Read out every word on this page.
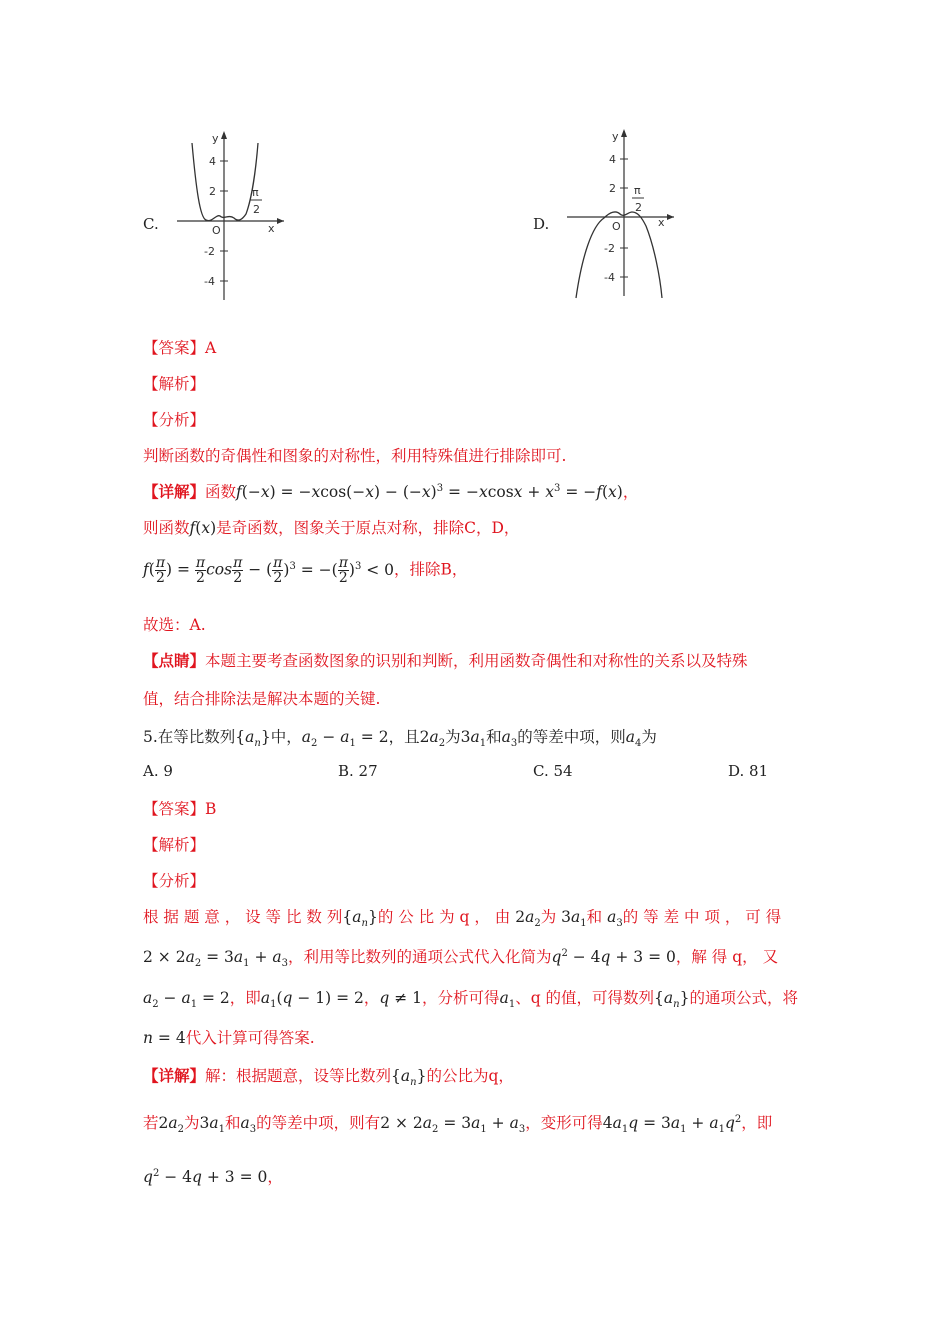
C.
y
x
O
4
2
-2
-4
π
2
D.
y
x
O
4
2
-2
-4
π
2
【答案】A
【解析】
【分析】
判断函数的奇偶性和图象的对称性，利用特殊值进行排除即可.
【详解】函数$f(-x) = -xcos(-x) - (-x)^3 = -xcosx + x^3 = -f(x)$，
则函数f(x)是奇函数，图象关于原点对称，排除C，D，
$f( \frac{\pi}{2}$ ) = $\frac{\pi}{2}$ $\cos \frac{\pi}{2}$ − ( $\frac{\pi}{2} )^3$ = −( $\frac{\pi}{2} )^3 < 0$，排除B，
故选：A.
【点睛】本题主要考查函数图象的识别和判断，利用函数奇偶性和对称性的关系以及特殊
值，结合排除法是解决本题的关键.
5.在等比数列$\{a_n\}$中，$a_2 - a_1 = 2$，且$2a_2$为$3a_1$和$a_3$的等差中项，则$a_4$为
A. 9	B. 27	C. 54	D. 81
【答案】B
【解析】
【分析】
根 据 题 意 ， 设 等 比 数 列$\{a_n\}$的 公 比 为 q ， 由 $2a_2$为 $3a_1$和 $a_3$的 等 差 中 项 ， 可 得
$2 \times 2a_2 = 3a_1 + a_3$，利用等比数列的通项公式代入化简为$q^2 - 4q + 3 = 0$，解 得 q， 又
$a_2 - a_1 = 2$，即$a_1(q - 1) = 2$，q ≠ 1，分析可得$a_1$、q 的值，可得数列$\{a_n\}$的通项公式，将
n = 4代入计算可得答案.
【详解】解：根据题意，设等比数列$\{a_n\}$的公比为q，
若$2a_2$为$3a_1$和$a_3$的等差中项，则有$2 \times 2a_2 = 3a_1 + a_3$，变形可得$4a_1q = 3a_1 + a_1q^2$，即
$q^2 - 4q + 3 = 0$，
